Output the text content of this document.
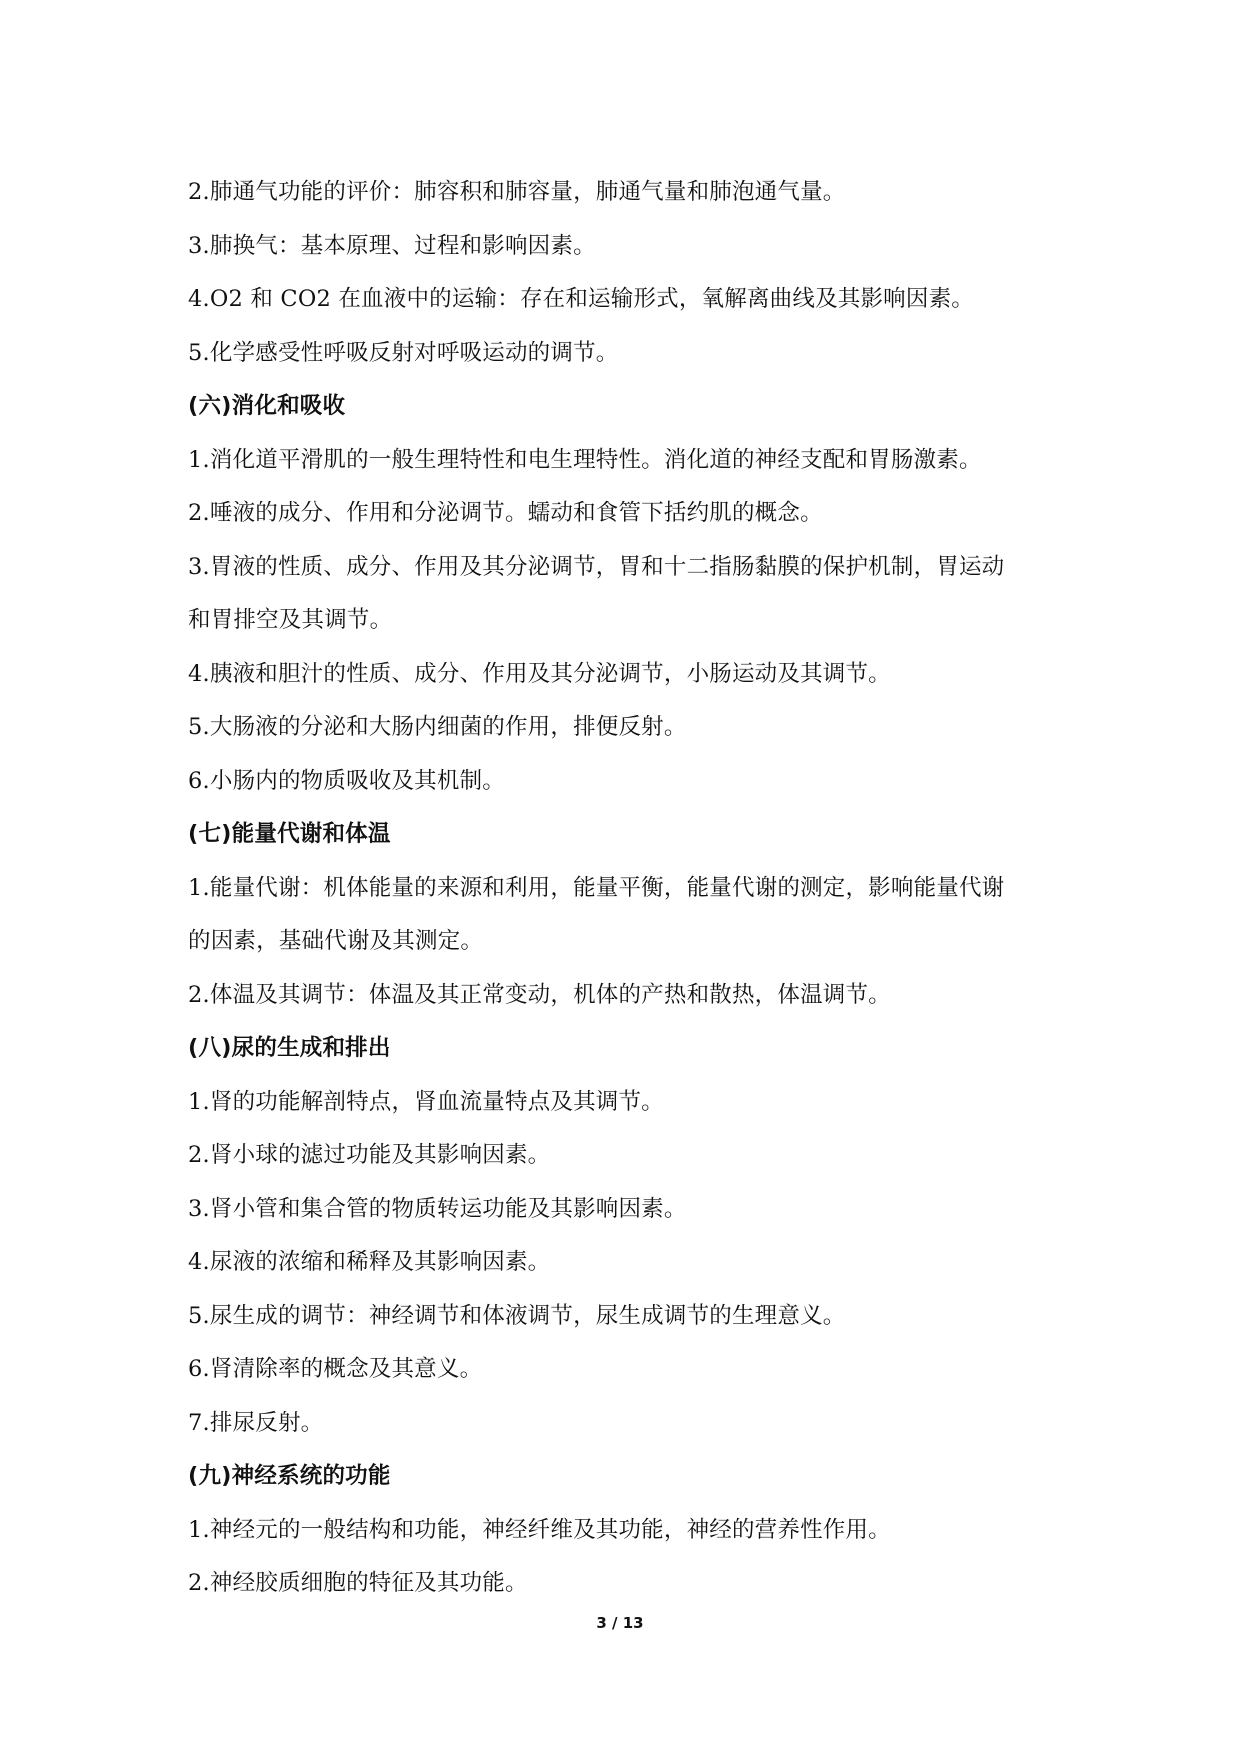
2.肺通气功能的评价：肺容积和肺容量，肺通气量和肺泡通气量。
3.肺换气：基本原理、过程和影响因素。
4.O2 和 CO2 在血液中的运输：存在和运输形式，氧解离曲线及其影响因素。
5.化学感受性呼吸反射对呼吸运动的调节。
(六)消化和吸收
1.消化道平滑肌的一般生理特性和电生理特性。消化道的神经支配和胃肠激素。
2.唾液的成分、作用和分泌调节。蠕动和食管下括约肌的概念。
3.胃液的性质、成分、作用及其分泌调节，胃和十二指肠黏膜的保护机制，胃运动
和胃排空及其调节。
4.胰液和胆汁的性质、成分、作用及其分泌调节，小肠运动及其调节。
5.大肠液的分泌和大肠内细菌的作用，排便反射。
6.小肠内的物质吸收及其机制。
(七)能量代谢和体温
1.能量代谢：机体能量的来源和利用，能量平衡，能量代谢的测定，影响能量代谢
的因素，基础代谢及其测定。
2.体温及其调节：体温及其正常变动，机体的产热和散热，体温调节。
(八)尿的生成和排出
1.肾的功能解剖特点，肾血流量特点及其调节。
2.肾小球的滤过功能及其影响因素。
3.肾小管和集合管的物质转运功能及其影响因素。
4.尿液的浓缩和稀释及其影响因素。
5.尿生成的调节：神经调节和体液调节，尿生成调节的生理意义。
6.肾清除率的概念及其意义。
7.排尿反射。
(九)神经系统的功能
1.神经元的一般结构和功能，神经纤维及其功能，神经的营养性作用。
2.神经胶质细胞的特征及其功能。
3 / 13
